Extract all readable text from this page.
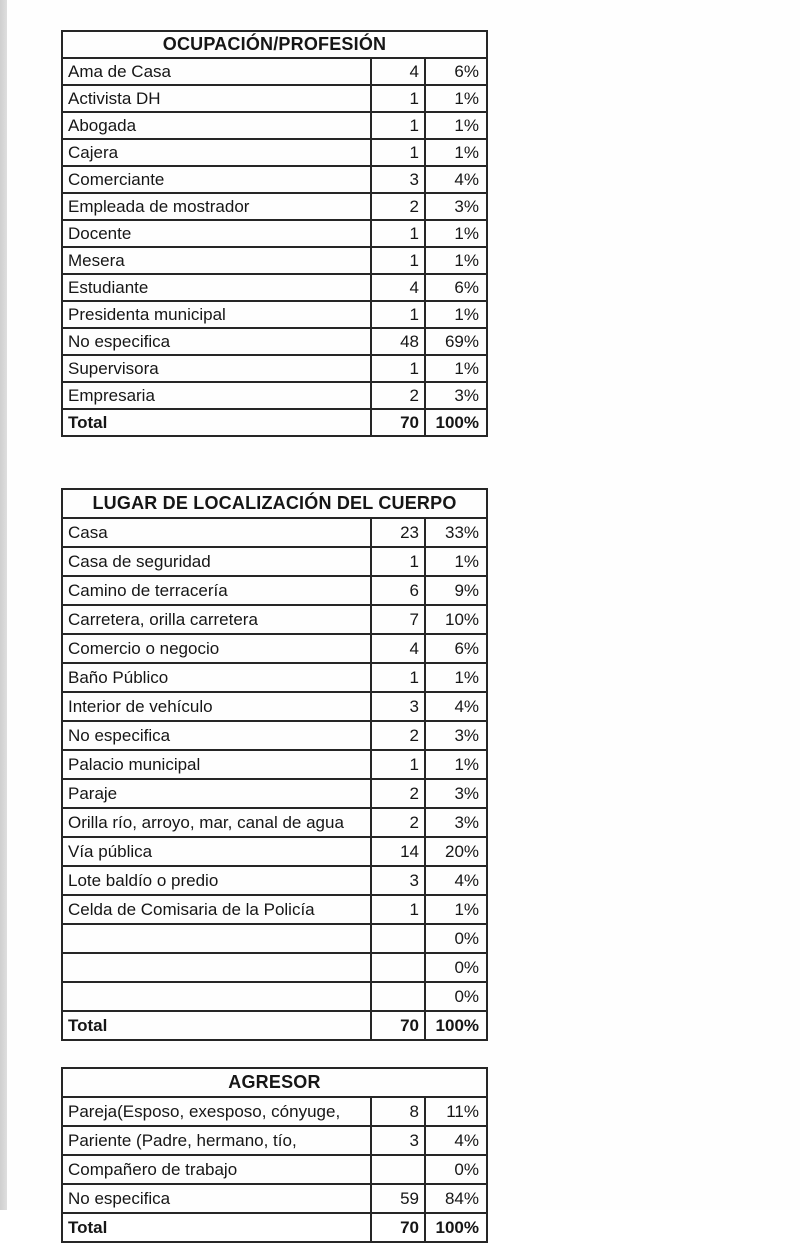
OCUPACIÓN/PROFESIÓN		
Ama de Casa	4	6%
Activista DH	1	1%
Abogada	1	1%
Cajera	1	1%
Comerciante	3	4%
Empleada de mostrador	2	3%
Docente	1	1%
Mesera	1	1%
Estudiante	4	6%
Presidenta municipal	1	1%
No especifica	48	69%
Supervisora	1	1%
Empresaria	2	3%
Total	70	100%
LUGAR DE LOCALIZACIÓN DEL CUERPO		
Casa	23	33%
Casa de seguridad	1	1%
Camino de terracería	6	9%
Carretera, orilla carretera	7	10%
Comercio o negocio	4	6%
Baño Público	1	1%
Interior de vehículo	3	4%
No especifica	2	3%
Palacio municipal	1	1%
Paraje	2	3%
Orilla río, arroyo, mar, canal de agua	2	3%
Vía pública	14	20%
Lote baldío o predio	3	4%
Celda de Comisaria de la Policía	1	1%
		0%
		0%
		0%
Total	70	100%
AGRESOR		
Pareja(Esposo, exesposo, cónyuge,	8	11%
Pariente (Padre, hermano, tío,	3	4%
Compañero de trabajo		0%
No especifica	59	84%
Total	70	100%
